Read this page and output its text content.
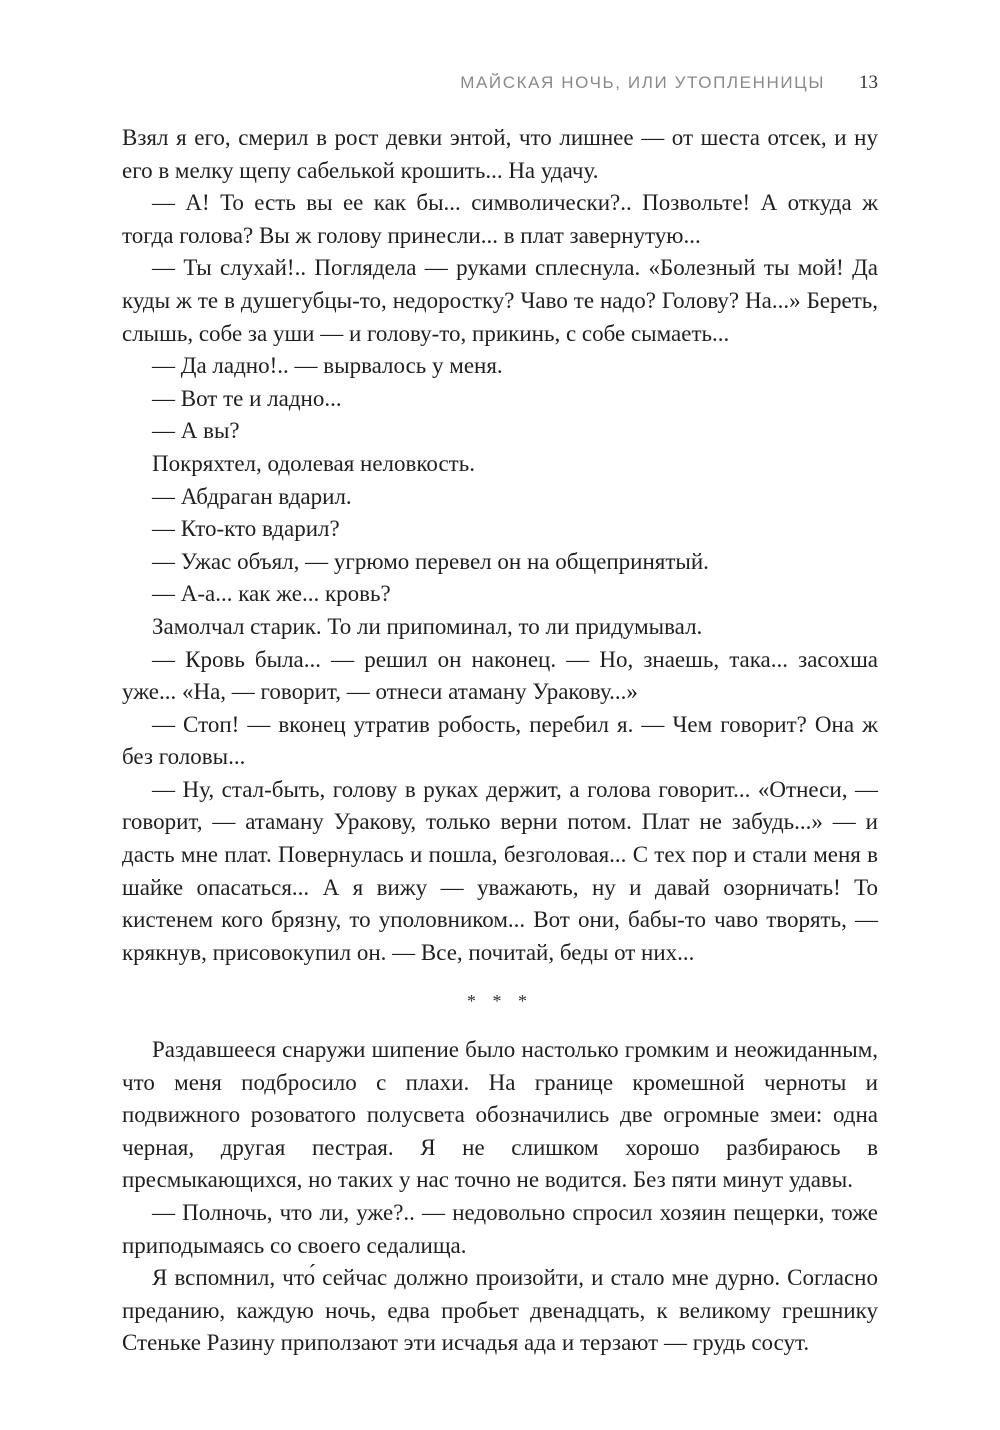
МАЙСКАЯ НОЧЬ, ИЛИ УТОПЛЕННИЦЫ 13

Взял я его, смерил в рост девки энтой, что лишнее — от шеста отсек, и ну его в мелку щепу сабелькой крошить... На удачу.

— А! То есть вы ее как бы... символически?.. Позвольте! А откуда ж тогда голова? Вы ж голову принесли... в плат завернутую...

— Ты слухай!.. Поглядела — руками сплеснула. «Болезный ты мой! Да куды ж те в душегубцы-то, недоростку? Чаво те надо? Голову? На...» Береть, слышь, собе за уши — и голову-то, прикинь, с собе сымаеть...

— Да ладно!.. — вырвалось у меня.

— Вот те и ладно...

— А вы?

Покряхтел, одолевая неловкость.

— Абдраган вдарил.

— Кто-кто вдарил?

— Ужас объял, — угрюмо перевел он на общепринятый.

— А-а... как же... кровь?

Замолчал старик. То ли припоминал, то ли придумывал.

— Кровь была... — решил он наконец. — Но, знаешь, така... засохша уже... «На, — говорит, — отнеси атаману Уракову...»

— Стоп! — вконец утратив робость, перебил я. — Чем говорит? Она ж без головы...

— Ну, стал-быть, голову в руках держит, а голова говорит... «Отнеси, — говорит, — атаману Уракову, только верни потом. Плат не забудь...» — и дасть мне плат. Повернулась и пошла, безголовая... С тех пор и стали меня в шайке опасаться... А я вижу — уважають, ну и давай озорничать! То кистенем кого брязну, то уполовником... Вот они, бабы-то чаво творять, — крякнув, присовокупил он. — Все, почитай, беды от них...

* * *

Раздавшееся снаружи шипение было настолько громким и неожиданным, что меня подбросило с плахи. На границе кромешной черноты и подвижного розоватого полусвета обозначились две огромные змеи: одна черная, другая пестрая. Я не слишком хорошо разбираюсь в пресмыкающихся, но таких у нас точно не водится. Без пяти минут удавы.

— Полночь, что ли, уже?.. — недовольно спросил хозяин пещерки, тоже приподымаясь со своего седалища.

Я вспомнил, что́ сейчас должно произойти, и стало мне дурно. Согласно преданию, каждую ночь, едва пробьет двенадцать, к великому грешнику Стеньке Разину приползают эти исчадья ада и терзают — грудь сосут.
